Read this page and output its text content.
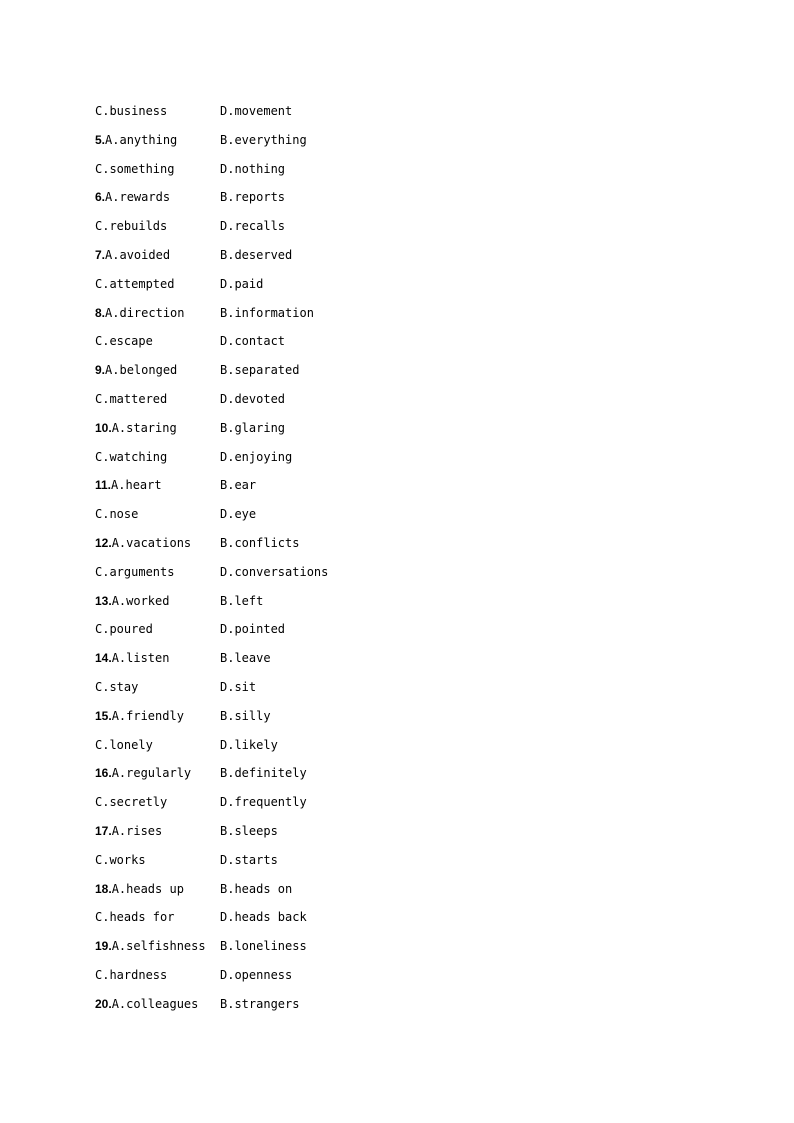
C.business	D.movement
5. A.anything	B.everything
C.something	D.nothing
6. A.rewards	B.reports
C.rebuilds	D.recalls
7. A.avoided	B.deserved
C.attempted	D.paid
8. A.direction	B.information
C.escape	D.contact
9. A.belonged	B.separated
C.mattered	D.devoted
10. A.staring	B.glaring
C.watching	D.enjoying
11. A.heart	B.ear
C.nose	D.eye
12. A.vacations B.conflicts
C.arguments	D.conversations
13. A.worked	B.left
C.poured	D.pointed
14. A.listen	B.leave
C.stay	D.sit
15. A.friendly	B.silly
C.lonely	D.likely
16. A.regularly B.definitely
C.secretly	D.frequently
17. A.rises	B.sleeps
C.works	D.starts
18. A.heads up	B.heads on
C.heads for	D.heads back
19. A.selfishness B.loneliness
C.hardness	D.openness
20. A.colleagues B.strangers
